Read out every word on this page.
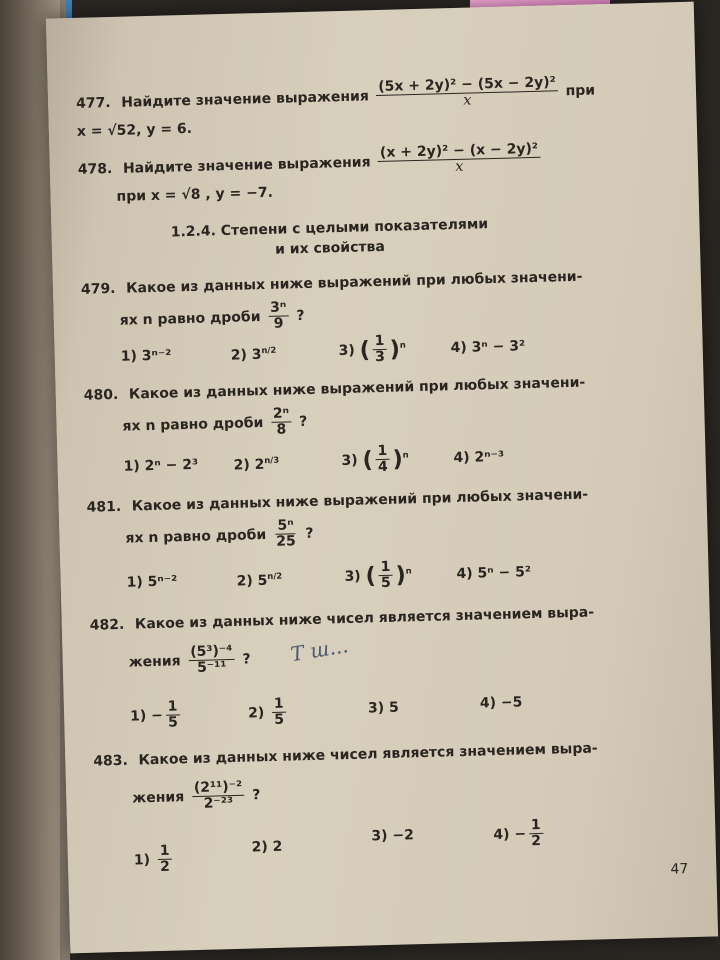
477. Найдите значение выражения $\frac{\text{(5x + 2y)² − (5x − 2y)²}}{x}$ при
x = √52, y = 6.
478. Найдите значение выражения $\frac{\text{(x + 2y)² − (x − 2y)²}}{x}$
при x = √8 , y = −7.
1.2.4. Степени с целыми показателями
и их свойства
479. Какое из данных ниже выражений при любых значени-
ях n равно дроби $\frac{\text{3ⁿ}}{9}$ ?
1) 3ⁿ⁻²	2) $3^{n/2}$	3) ( $\frac{1}{3} )^n$	4) 3ⁿ − 3²
480. Какое из данных ниже выражений при любых значени-
ях n равно дроби $\frac{\text{2ⁿ}}{8}$ ?
1) 2ⁿ − 2³	2) $2^{n/3}$	3) ( $\frac{1}{4} )^n$	4) 2ⁿ⁻³
481. Какое из данных ниже выражений при любых значени-
ях n равно дроби $\frac{\text{5ⁿ}}{25}$ ?
1) 5ⁿ⁻²	2) $5^{n/2}$	3) ( $\frac{1}{5} )^n$	4) 5ⁿ − 5²
482. Какое из данных ниже чисел является значением выра-
жения $\frac{\text{(5³)⁻⁴}}{\text{5⁻¹¹}}$ ? Т ш...
$1) - \frac{1}{5}$	$2) \frac{1}{5}$	3) 5	4) −5
483. Какое из данных ниже чисел является значением выра-
жения $\frac{\text{(2¹¹)⁻²}}{\text{2⁻²³}}$ ?
$1) \frac{1}{2}$	2) 2
3) −2	$4) - \frac{1}{2}$
47
